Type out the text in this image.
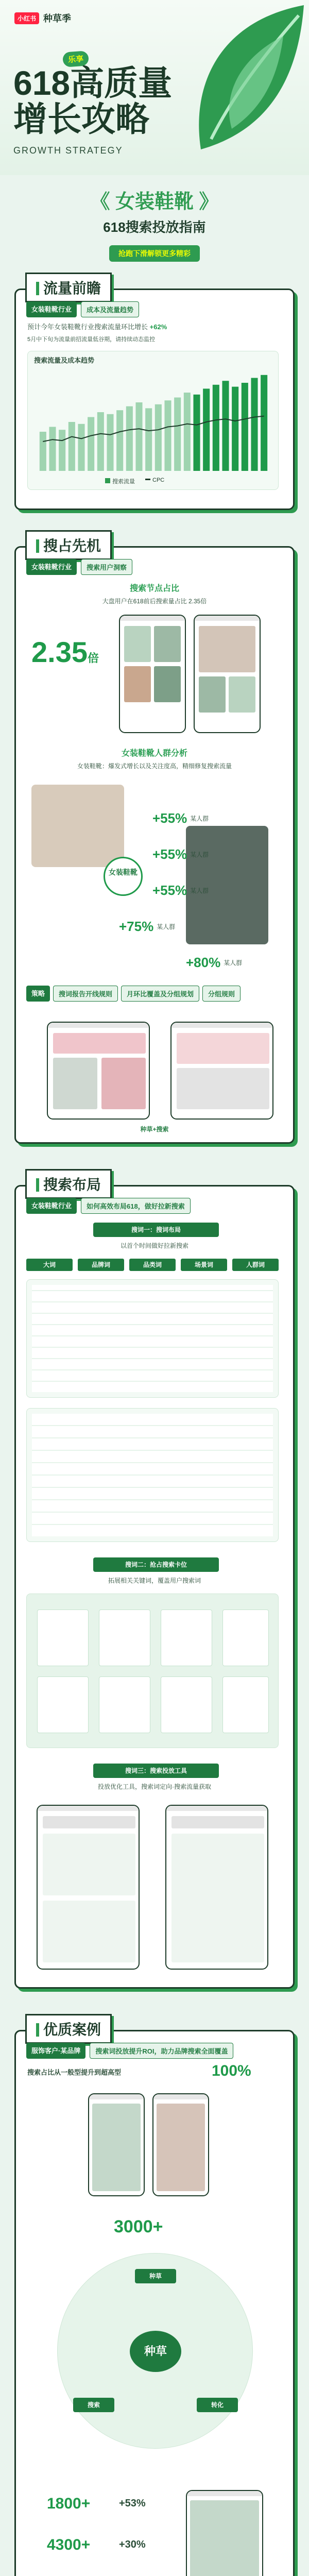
小红书 种草季
乐享
618高质量
增长攻略
GROWTH STRATEGY
《 女装鞋靴 》
618搜索投放指南
抢跑下滑解锁更多精彩
流量前瞻
女装鞋靴行业	成本及流量趋势
预计今年女装鞋靴行业搜索流量环比增长 +62%
5月中下旬为流量前招流量低谷期，请持续动态监控
搜索流量及成本趋势
搜索流量	CPC
搜占先机
女装鞋靴行业	搜索用户洞察
搜索节点占比
大盘用户在618前后搜索量占比 2.35倍
2.35倍
女装鞋靴人群分析
女装鞋靴：爆发式增长以及关注度高，精细修复搜索流量
女装鞋靴
+55% 某人群
+55% 某人群
+55% 某人群
+75% 某人群
+80% 某人群
策略	搜词报告开线规则	月环比覆盖及分组规划	分组规则
种草+搜索
搜索布局
女装鞋靴行业	如何高效布局618，做好拉新搜索
搜词一：搜词布局
以首个时间做好拉新搜索
大词	品牌词	品类词	场景词	人群词
搜词二：抢占搜索卡位
拓展相关关键词，覆盖用户搜索词
搜词三：搜索投放工具
投放优化工具，搜索词定向·搜索流量获取
优质案例
服饰客户·某品牌	搜索词投放提升ROI，助力品牌搜索全面覆盖
搜索占比从一般型提升到超高型	100%
3000+
种草
种草
搜索	转化
1800+
4300+
+53%
+30%
